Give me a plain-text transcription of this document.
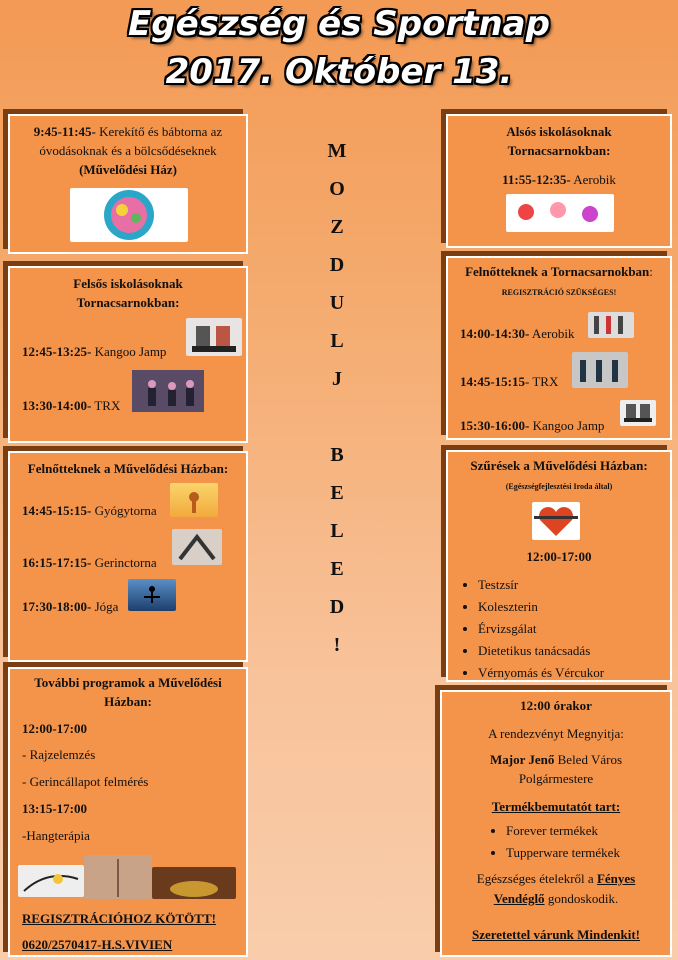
Egészség és Sportnap
2017. Október 13.
M
O
Z
D
U
L
J
B
E
L
E
D
!
9:45-11:45- Kerekítő és bábtorna az óvodásoknak és a bölcsődéseknek
(Művelődési Ház)
Felsős iskolásoknak
Tornacsarnokban:
12:45-13:25- Kangoo Jamp
13:30-14:00- TRX
Felnőtteknek a Művelődési Házban:
14:45-15:15- Gyógytorna
16:15-17:15- Gerinctorna
17:30-18:00- Jóga
További programok a Művelődési
Házban:
12:00-17:00
- Rajzelemzés
- Gerincállapot felmérés
13:15-17:00
-Hangterápia
REGISZTRÁCIÓHOZ KÖTÖTT!
0620/2570417-H.S.VIVIEN
Alsós iskolásoknak
Tornacsarnokban:
11:55-12:35- Aerobik
Felnőtteknek a Tornacsarnokban:
REGISZTRÁCIÓ SZÜKSÉGES!
14:00-14:30- Aerobik
14:45-15:15- TRX
15:30-16:00- Kangoo Jamp
Szűrések a Művelődési Házban:
(Egészségfejlesztési Iroda által)
12:00-17:00
• Testzsír
• Koleszterin
• Érvizsgálat
• Dietetikus tanácsadás
• Vérnyomás és Vércukor
12:00 órakor
A rendezvényt Megnyitja:
Major Jenő Beled Város
Polgármestere
Termékbemutatót tart:
• Forever termékek
• Tupperware termékek
Egészséges ételekről a Fényes
Vendéglő gondoskodik.
Szeretettel várunk Mindenkit!
